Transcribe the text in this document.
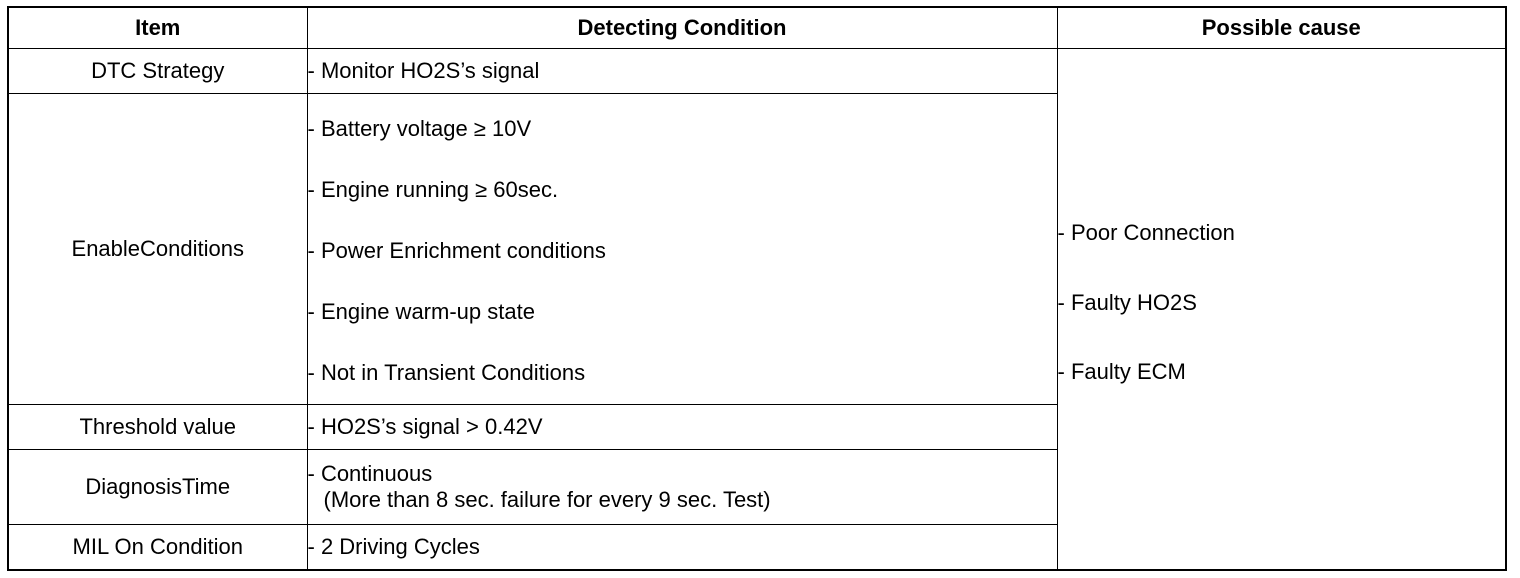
Item	Detecting Condition	Possible cause
DTC Strategy	- Monitor HO2S’s signal	- Poor Connection
- Faulty HO2S
- Faulty ECM

EnableConditions	- Battery voltage ≥ 10V
- Engine running ≥ 60sec.
- Power Enrichment conditions
- Engine warm-up state
- Not in Transient Conditions	

Threshold value	- HO2S’s signal > 0.42V	

DiagnosisTime	- Continuous
(More than 8 sec. failure for every 9 sec. Test)	

MIL On Condition	- 2 Driving Cycles	
